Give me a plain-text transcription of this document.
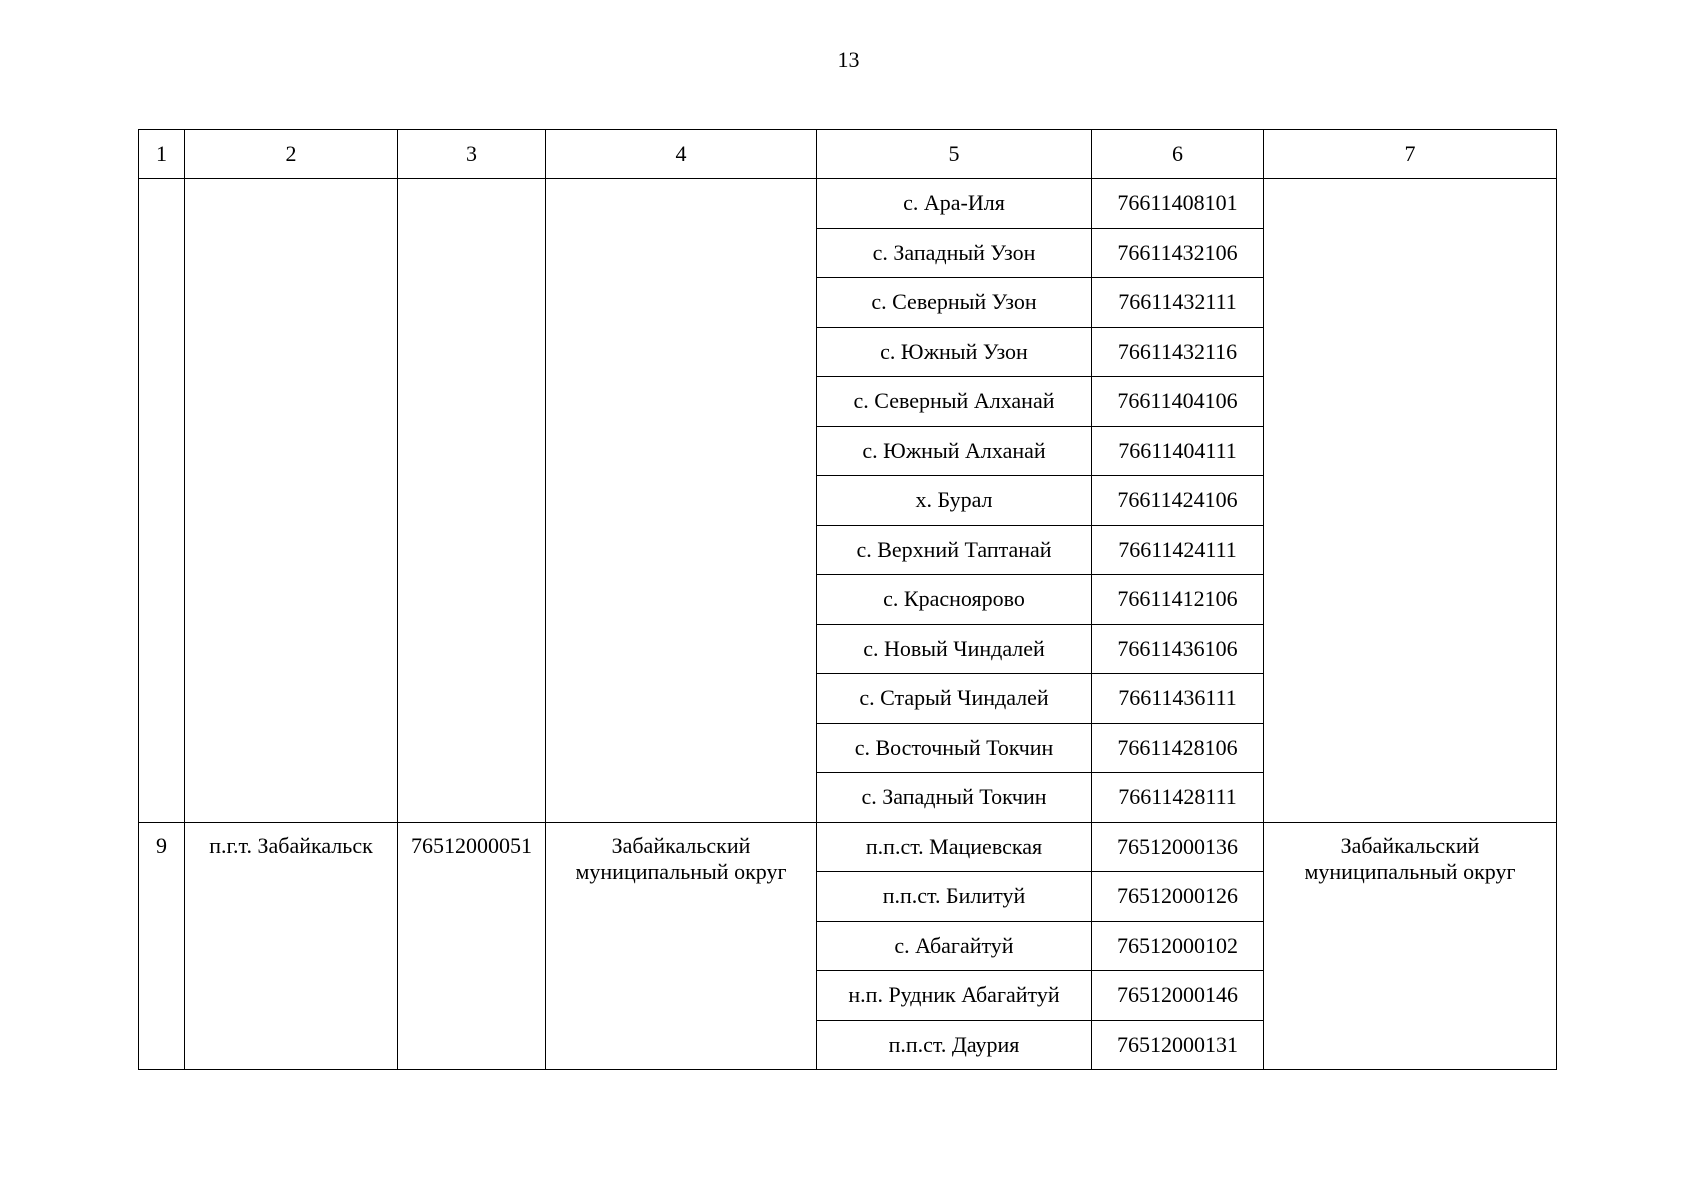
13
1	2	3	4	5	6	7
				с. Ара-Иля	76611408101	
				с. Западный Узон	76611432106	
				с. Северный Узон	76611432111	
				с. Южный Узон	76611432116	
				с. Северный Алханай	76611404106	
				с. Южный Алханай	76611404111	
				х. Бурал	76611424106	
				с. Верхний Таптанай	76611424111	
				с. Красноярово	76611412106	
				с. Новый Чиндалей	76611436106	
				с. Старый Чиндалей	76611436111	
				с. Восточный Токчин	76611428106	
				с. Западный Токчин	76611428111	
9	п.г.т. Забайкальск	76512000051	Забайкальский муниципальный округ	п.п.ст. Мациевская	76512000136	Забайкальский муниципальный округ
				п.п.ст. Билитуй	76512000126	
				с. Абагайтуй	76512000102	
				н.п. Рудник Абагайтуй	76512000146	
				п.п.ст. Даурия	76512000131	
